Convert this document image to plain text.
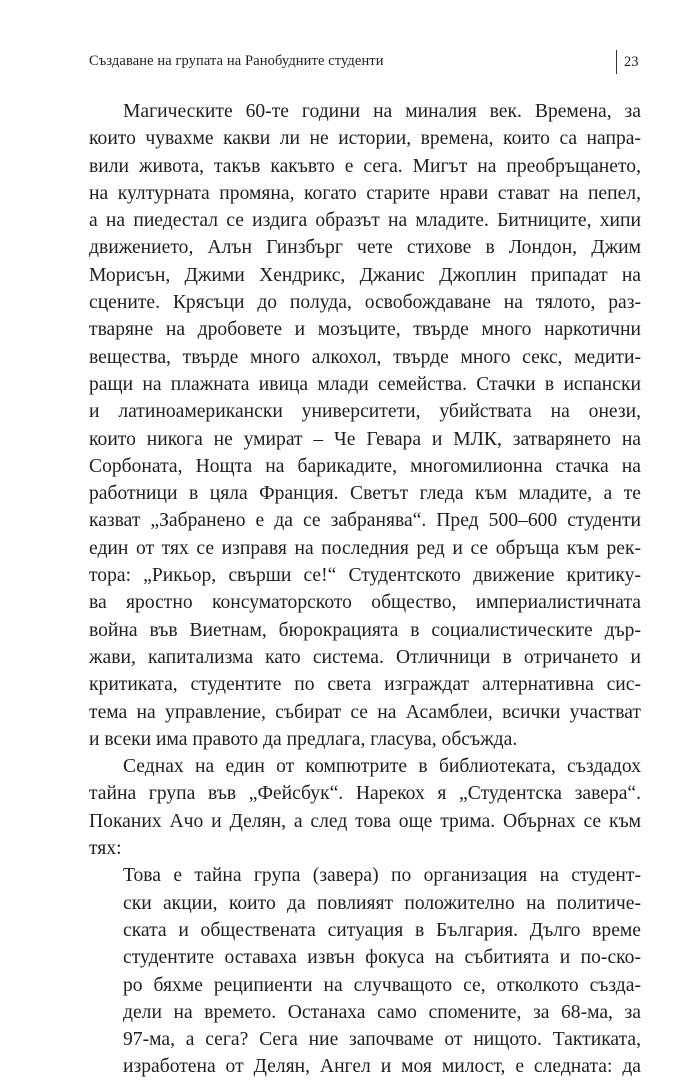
Създаване на групата на Ранобудните студенти	23
Магическите 60-те години на миналия век. Времена, за
които чувахме какви ли не истории, времена, които са напра-
вили живота, такъв какъвто е сега. Мигът на преобръщането,
на културната промяна, когато старите нрави стават на пепел,
а на пиедестал се издига образът на младите. Битниците, хипи
движението, Алън Гинзбърг чете стихове в Лондон, Джим
Морисън, Джими Хендрикс, Джанис Джоплин припадат на
сцените. Крясъци до полуда, освобождаване на тялото, раз-
тваряне на дробовете и мозъците, твърде много наркотични
вещества, твърде много алкохол, твърде много секс, медити-
ращи на плажната ивица млади семейства. Стачки в испански
и латиноамерикански университети, убийствата на онези,
които никога не умират – Че Гевара и МЛК, затварянето на
Сорбоната, Нощта на барикадите, многомилионна стачка на
работници в цяла Франция. Светът гледа към младите, а те
казват „Забранено е да се забранява“. Пред 500–600 студенти
един от тях се изправя на последния ред и се обръща към рек-
тора: „Рикьор, свърши се!“ Студентското движение критику-
ва яростно консуматорското общество, империалистичната
война във Виетнам, бюрокрацията в социалистическите дър-
жави, капитализма като система. Отличници в отричането и
критиката, студентите по света изграждат алтернативна сис-
тема на управление, събират се на Асамблеи, всички участват
и всеки има правото да предлага, гласува, обсъжда.
Седнах на един от компютрите в библиотеката, създадох
тайна група във „Фейсбук“. Нарекох я „Студентска завера“.
Поканих Ачо и Делян, а след това още трима. Обърнах се към
тях:
Това е тайна група (завера) по организация на студент-
ски акции, които да повлияят положително на политиче-
ската и обществената ситуация в България. Дълго време
студентите оставаха извън фокуса на събитията и по-ско-
ро бяхме реципиенти на случващото се, отколкото създа-
дели на времето. Останаха само спомените, за 68-ма, за
97-ма, а сега? Сега ние започваме от нищото. Тактиката,
изработена от Делян, Ангел и моя милост, е следната: да
